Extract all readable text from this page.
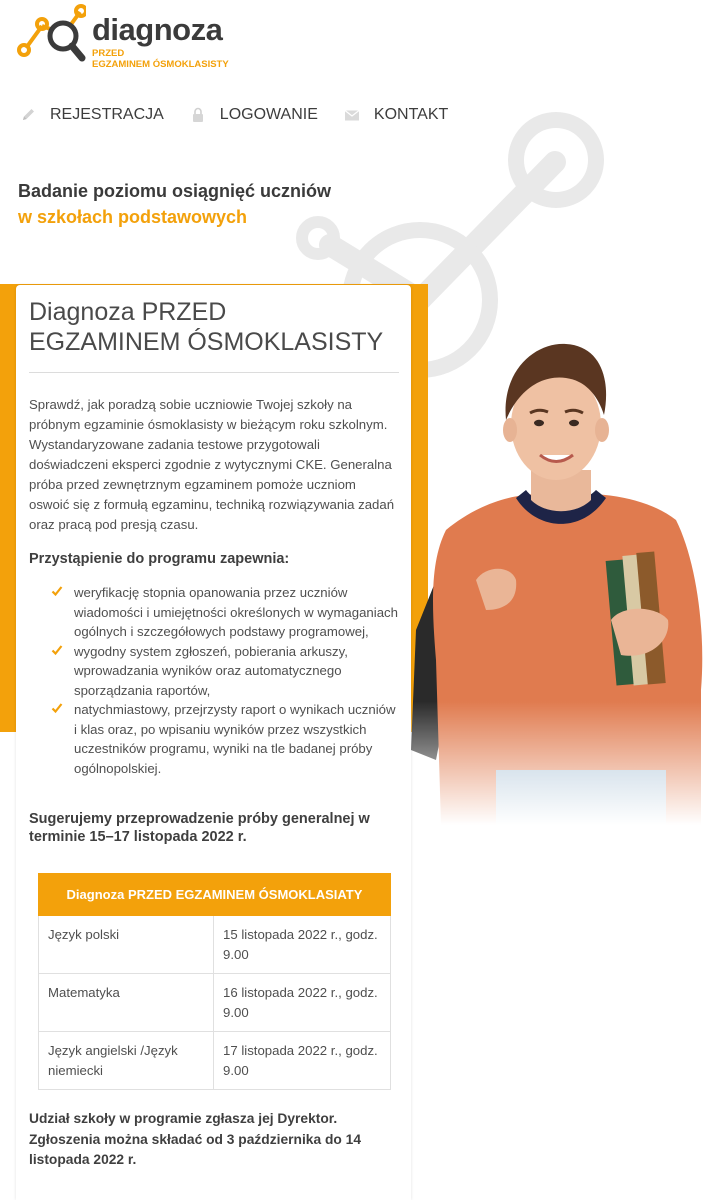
diagnoza
PRZED
EGZAMINEM ÓSMOKLASISTY
REJESTRACJA	LOGOWANIE	KONTAKT
Badanie poziomu osiągnięć uczniów
w szkołach podstawowych
Diagnoza PRZED
EGZAMINEM ÓSMOKLASISTY

Sprawdź, jak poradzą sobie uczniowie Twojej szkoły na próbnym egzaminie ósmoklasisty w bieżącym roku szkolnym. Wystandaryzowane zadania testowe przygotowali doświadczeni eksperci zgodnie z wytycznymi CKE. Generalna próba przed zewnętrznym egzaminem pomoże uczniom oswoić się z formułą egzaminu, techniką rozwiązywania zadań oraz pracą pod presją czasu.

Przystąpienie do programu zapewnia:
weryfikację stopnia opanowania przez uczniów wiadomości i umiejętności określonych w wymaganiach ogólnych i szczegółowych podstawy programowej,
wygodny system zgłoszeń, pobierania arkuszy, wprowadzania wyników oraz automatycznego sporządzania raportów,
natychmiastowy, przejrzysty raport o wynikach uczniów i klas oraz, po wpisaniu wyników przez wszystkich uczestników programu, wyniki na tle badanej próby ogólnopolskiej.

Sugerujemy przeprowadzenie próby generalnej w terminie 15–17 listopada 2022 r.

Diagnoza PRZED EGZAMINEM ÓSMOKLASIATY	
Język polski	15 listopada 2022 r., godz. 9.00
Matematyka	16 listopada 2022 r., godz. 9.00
Język angielski /Język niemiecki	17 listopada 2022 r., godz. 9.00

Udział szkoły w programie zgłasza jej Dyrektor. Zgłoszenia można składać od 3 października do 14 listopada 2022 r.
